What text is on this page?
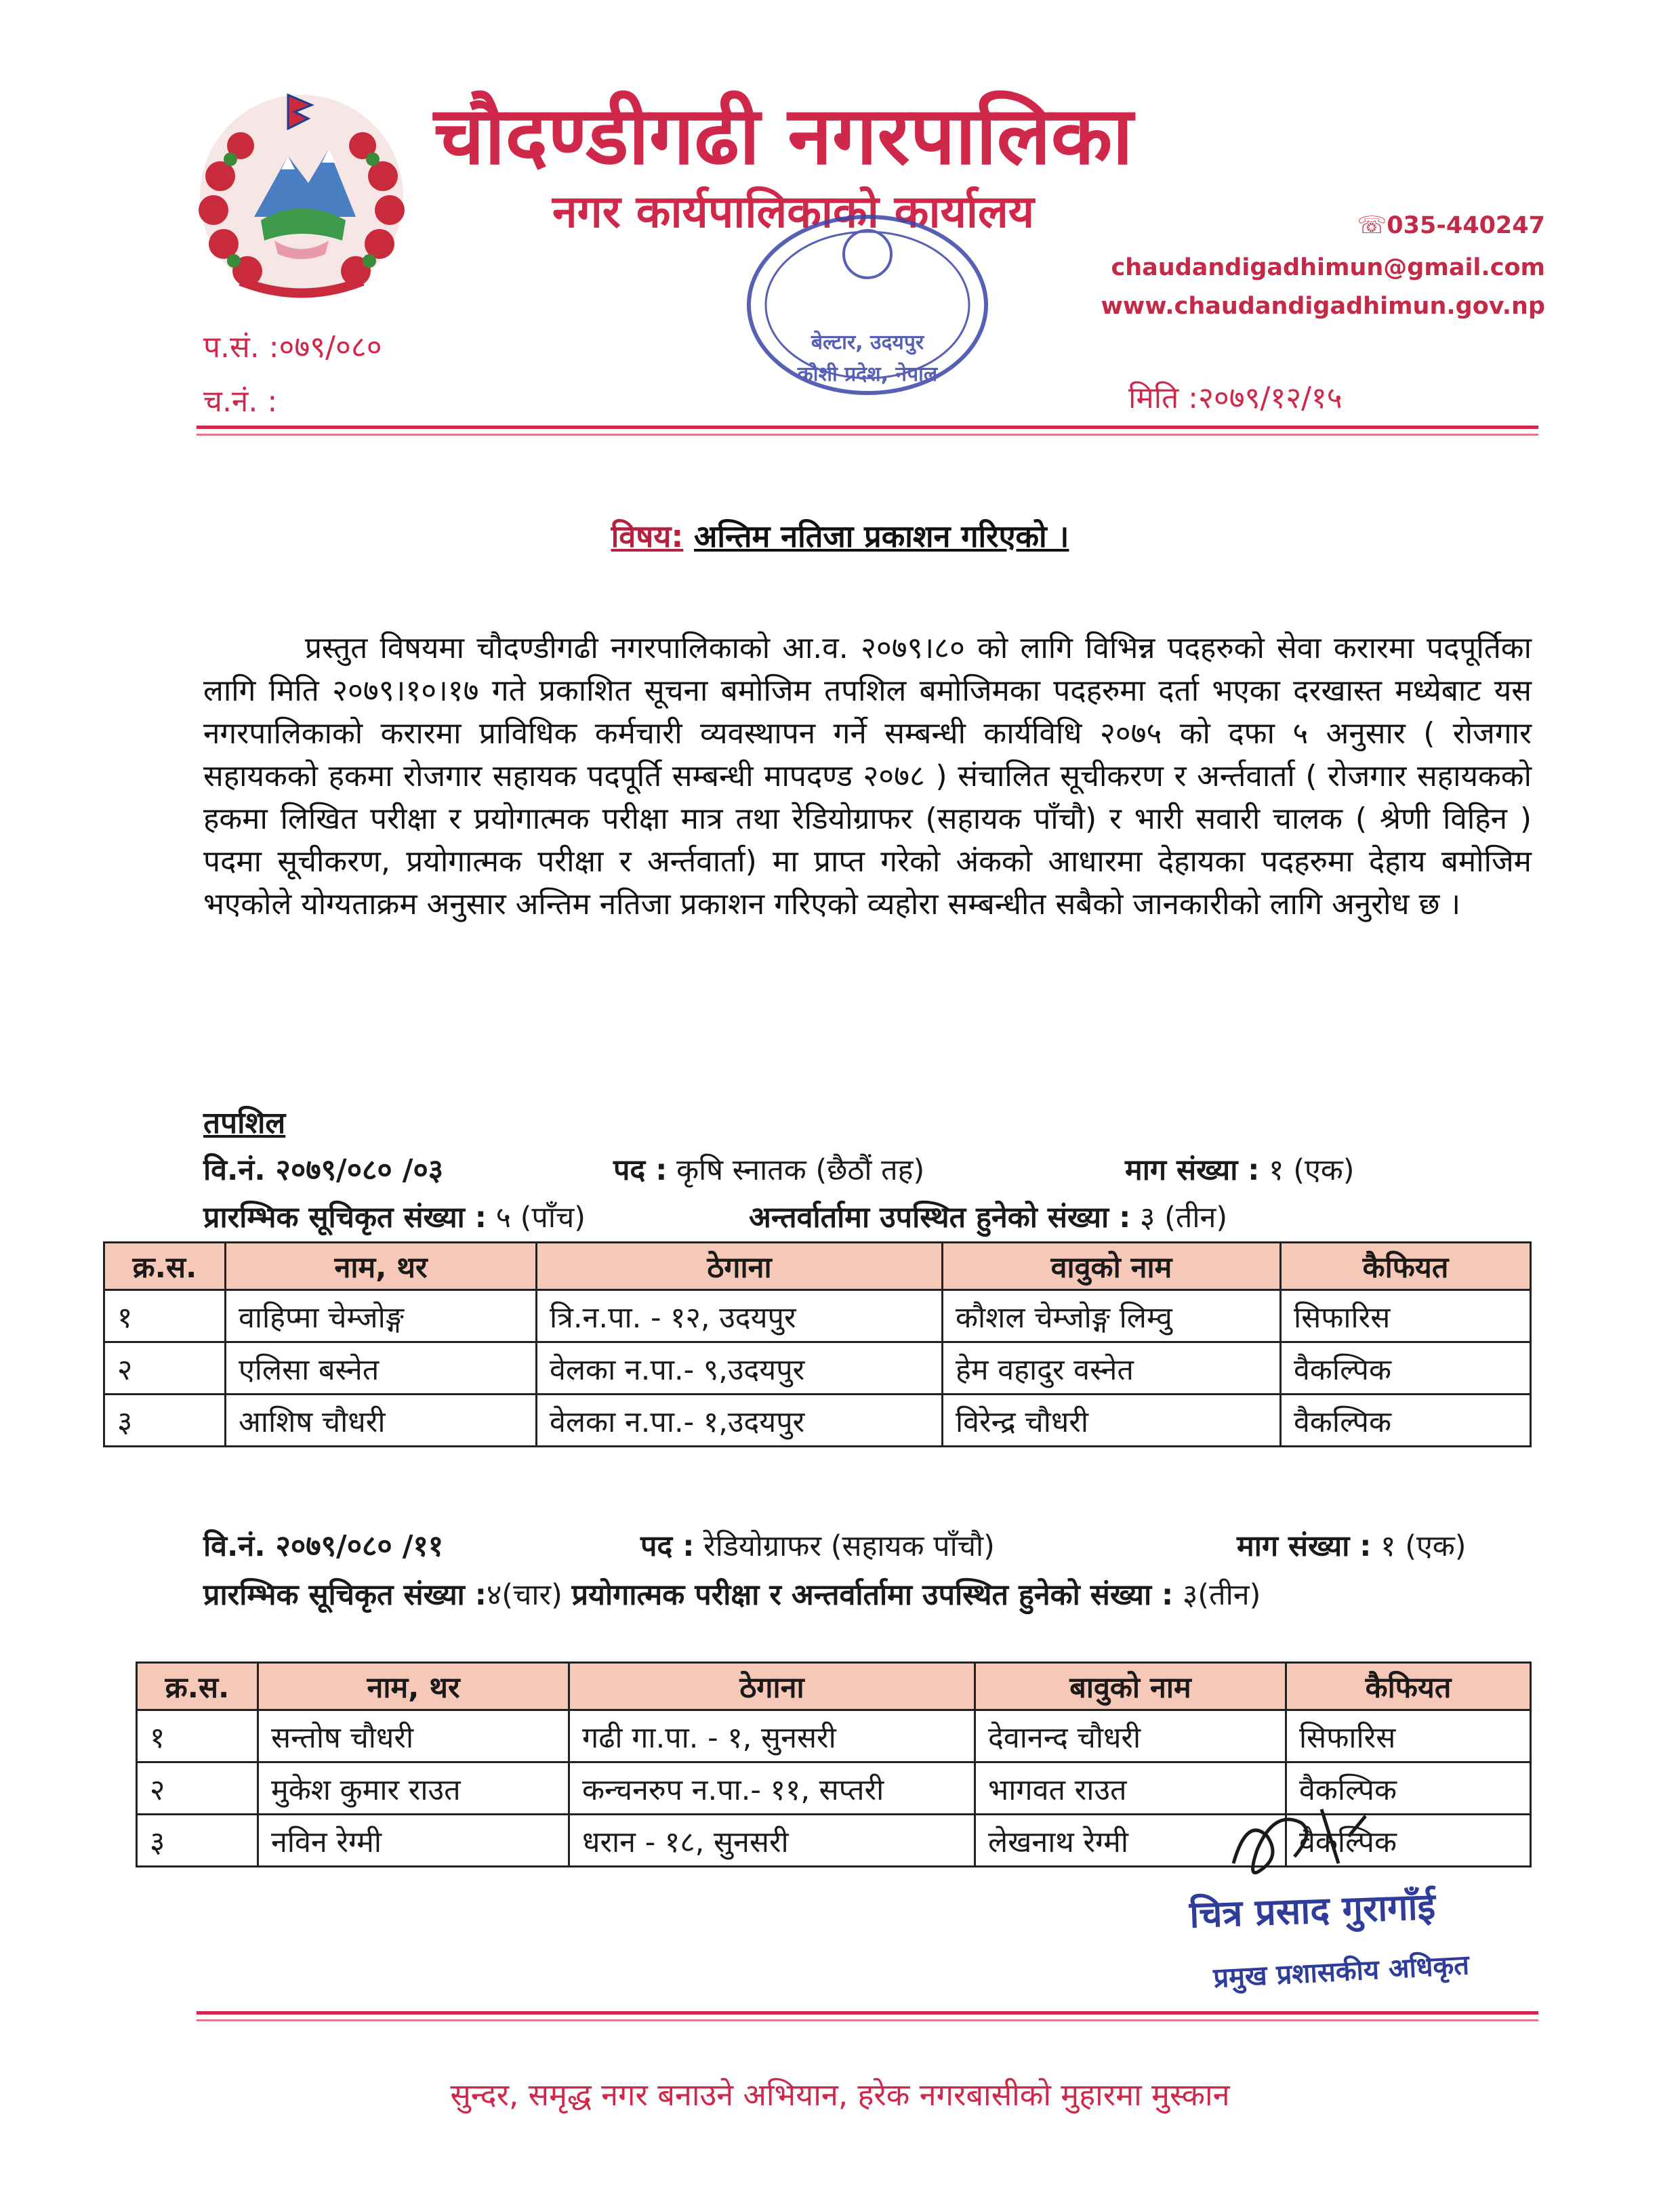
चौदण्डीगढी नगरपालिका
नगर कार्यपालिकाको कार्यालय	☏035-440247
chaudandigadhimun@gmail.com
www.chaudandigadhimun.gov.np
बेल्टार, उदयपुर
कोशी प्रदेश, नेपाल
प.सं. :०७९/०८०
च.नं. :	मिति :२०७९/१२/१५
विषय: अन्तिम नतिजा प्रकाशन गरिएको ।
प्रस्तुत विषयमा चौदण्डीगढी नगरपालिकाको आ.व. २०७९।८० को लागि विभिन्न पदहरुको सेवा करारमा पदपूर्तिका लागि मिति २०७९।१०।१७ गते प्रकाशित सूचना बमोजिम तपशिल बमोजिमका पदहरुमा दर्ता भएका दरखास्त मध्येबाट यस नगरपालिकाको करारमा प्राविधिक कर्मचारी व्यवस्थापन गर्ने सम्बन्धी कार्यविधि २०७५ को दफा ५ अनुसार ( रोजगार सहायकको हकमा रोजगार सहायक पदपूर्ति सम्बन्धी मापदण्ड २०७८ ) संचालित सूचीकरण र अर्न्तवार्ता ( रोजगार सहायकको हकमा लिखित परीक्षा र प्रयोगात्मक परीक्षा मात्र तथा रेडियोग्राफर (सहायक पाँचौ) र भारी सवारी चालक ( श्रेणी विहिन ) पदमा सूचीकरण, प्रयोगात्मक परीक्षा र अर्न्तवार्ता) मा प्राप्त गरेको अंकको आधारमा देहायका पदहरुमा देहाय बमोजिम भएकोले योग्यताक्रम अनुसार अन्तिम नतिजा प्रकाशन गरिएको व्यहोरा सम्बन्धीत सबैको जानकारीको लागि अनुरोध छ ।
तपशिल
वि.नं. २०७९/०८० /०३	पद : कृषि स्नातक (छैठौं तह)	माग संख्या : १ (एक)
प्रारम्भिक सूचिकृत संख्या : ५ (पाँच)	अन्तर्वार्तामा उपस्थित हुनेको संख्या : ३ (तीन)
क्र.स.	नाम, थर	ठेगाना	वावुको नाम	कैफियत
१	वाहिप्मा चेम्जोङ्ग	त्रि.न.पा. - १२, उदयपुर	कौशल चेम्जोङ्ग लिम्वु	सिफारिस
२	एलिसा बस्नेत	वेलका न.पा.- ९,उदयपुर	हेम वहादुर वस्नेत	वैकल्पिक
३	आशिष चौधरी	वेलका न.पा.- १,उदयपुर	विरेन्द्र चौधरी	वैकल्पिक
वि.नं. २०७९/०८० /११	पद : रेडियोग्राफर (सहायक पाँचौ)	माग संख्या : १ (एक)
प्रारम्भिक सूचिकृत संख्या :४(चार) प्रयोगात्मक परीक्षा र अन्तर्वार्तामा उपस्थित हुनेको संख्या : ३(तीन)
क्र.स.	नाम, थर	ठेगाना	बावुको नाम	कैफियत
१	सन्तोष चौधरी	गढी गा.पा. - १, सुनसरी	देवानन्द चौधरी	सिफारिस
२	मुकेश कुमार राउत	कन्चनरुप न.पा.- ११, सप्तरी	भागवत राउत	वैकल्पिक
३	नविन रेग्मी	धरान - १८, सुनसरी	लेखनाथ रेग्मी	वैकल्पिक
चित्र प्रसाद गुरागाँई
प्रमुख प्रशासकीय अधिकृत
सुन्दर, समृद्ध नगर बनाउने अभियान, हरेक नगरबासीको मुहारमा मुस्कान
